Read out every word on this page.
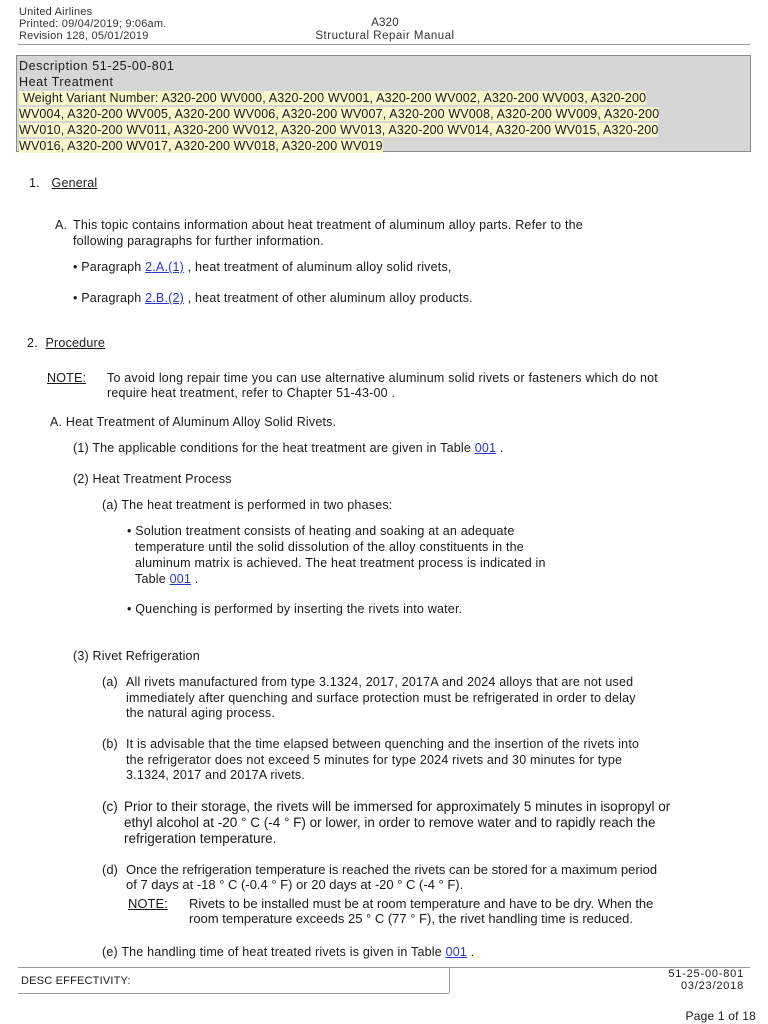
United Airlines
Printed: 09/04/2019; 9:06am.
Revision 128, 05/01/2019
A320
Structural Repair Manual
Description 51-25-00-801
Heat Treatment
Weight Variant Number: A320-200 WV000, A320-200 WV001, A320-200 WV002, A320-200 WV003, A320-200
WV004, A320-200 WV005, A320-200 WV006, A320-200 WV007, A320-200 WV008, A320-200 WV009, A320-200
WV010, A320-200 WV011, A320-200 WV012, A320-200 WV013, A320-200 WV014, A320-200 WV015, A320-200
WV016, A320-200 WV017, A320-200 WV018, A320-200 WV019
1. General
A. This topic contains information about heat treatment of aluminum alloy parts. Refer to the
following paragraphs for further information.
• Paragraph 2.A.(1) , heat treatment of aluminum alloy solid rivets,
• Paragraph 2.B.(2) , heat treatment of other aluminum alloy products.
2. Procedure
NOTE: To avoid long repair time you can use alternative aluminum solid rivets or fasteners which do not
require heat treatment, refer to Chapter 51-43-00 .
A. Heat Treatment of Aluminum Alloy Solid Rivets.
(1) The applicable conditions for the heat treatment are given in Table 001 .
(2) Heat Treatment Process
(a) The heat treatment is performed in two phases:
• Solution treatment consists of heating and soaking at an adequate
temperature until the solid dissolution of the alloy constituents in the
aluminum matrix is achieved. The heat treatment process is indicated in
Table 001 .
• Quenching is performed by inserting the rivets into water.
(3) Rivet Refrigeration
(a) All rivets manufactured from type 3.1324, 2017, 2017A and 2024 alloys that are not used
immediately after quenching and surface protection must be refrigerated in order to delay
the natural aging process.
(b) It is advisable that the time elapsed between quenching and the insertion of the rivets into
the refrigerator does not exceed 5 minutes for type 2024 rivets and 30 minutes for type
3.1324, 2017 and 2017A rivets.
(c) Prior to their storage, the rivets will be immersed for approximately 5 minutes in isopropyl or
ethyl alcohol at -20 ° C (-4 ° F) or lower, in order to remove water and to rapidly reach the
refrigeration temperature.
(d) Once the refrigeration temperature is reached the rivets can be stored for a maximum period
of 7 days at -18 ° C (-0.4 ° F) or 20 days at -20 ° C (-4 ° F).
NOTE: Rivets to be installed must be at room temperature and have to be dry. When the
room temperature exceeds 25 ° C (77 ° F), the rivet handling time is reduced.
(e) The handling time of heat treated rivets is given in Table 001 .
DESC EFFECTIVITY:
51-25-00-801
03/23/2018
Page 1 of 18
